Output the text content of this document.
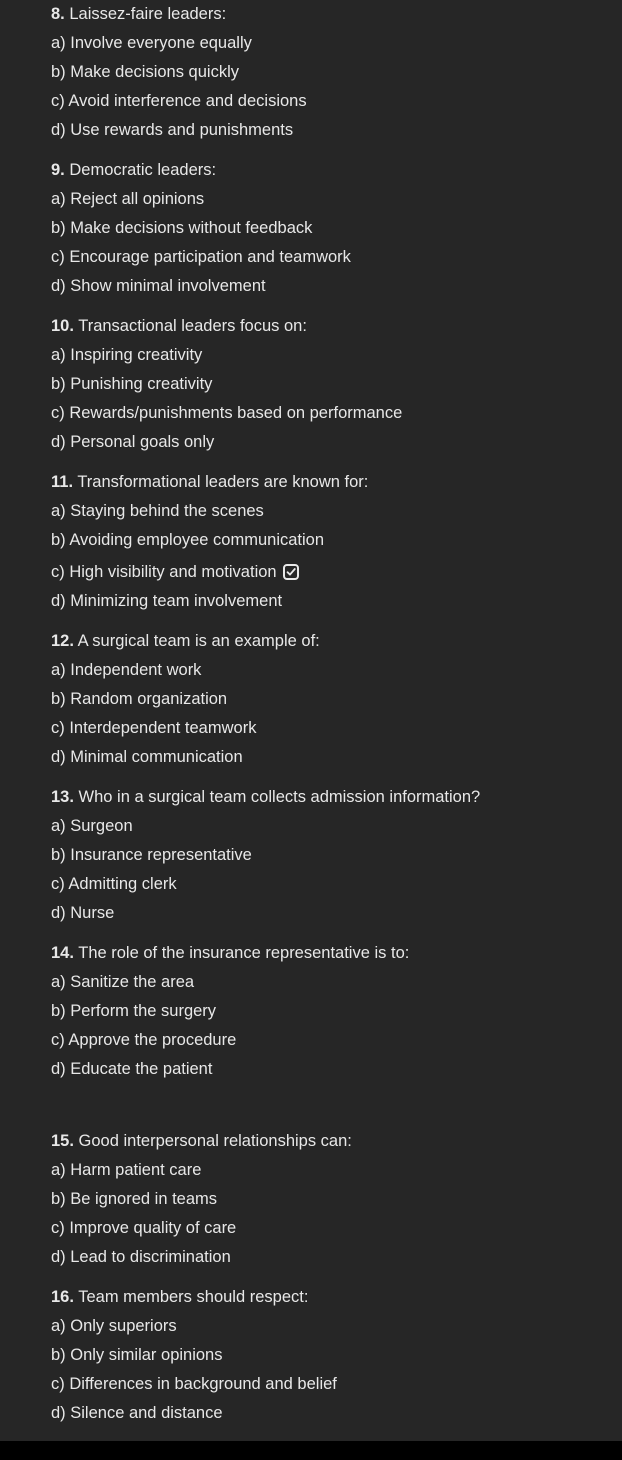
8. Laissez-faire leaders:
a) Involve everyone equally
b) Make decisions quickly
c) Avoid interference and decisions
d) Use rewards and punishments
9. Democratic leaders:
a) Reject all opinions
b) Make decisions without feedback
c) Encourage participation and teamwork
d) Show minimal involvement
10. Transactional leaders focus on:
a) Inspiring creativity
b) Punishing creativity
c) Rewards/punishments based on performance
d) Personal goals only
11. Transformational leaders are known for:
a) Staying behind the scenes
b) Avoiding employee communication
c) High visibility and motivation
d) Minimizing team involvement
12. A surgical team is an example of:
a) Independent work
b) Random organization
c) Interdependent teamwork
d) Minimal communication
13. Who in a surgical team collects admission information?
a) Surgeon
b) Insurance representative
c) Admitting clerk
d) Nurse
14. The role of the insurance representative is to:
a) Sanitize the area
b) Perform the surgery
c) Approve the procedure
d) Educate the patient
15. Good interpersonal relationships can:
a) Harm patient care
b) Be ignored in teams
c) Improve quality of care
d) Lead to discrimination
16. Team members should respect:
a) Only superiors
b) Only similar opinions
c) Differences in background and belief
d) Silence and distance
